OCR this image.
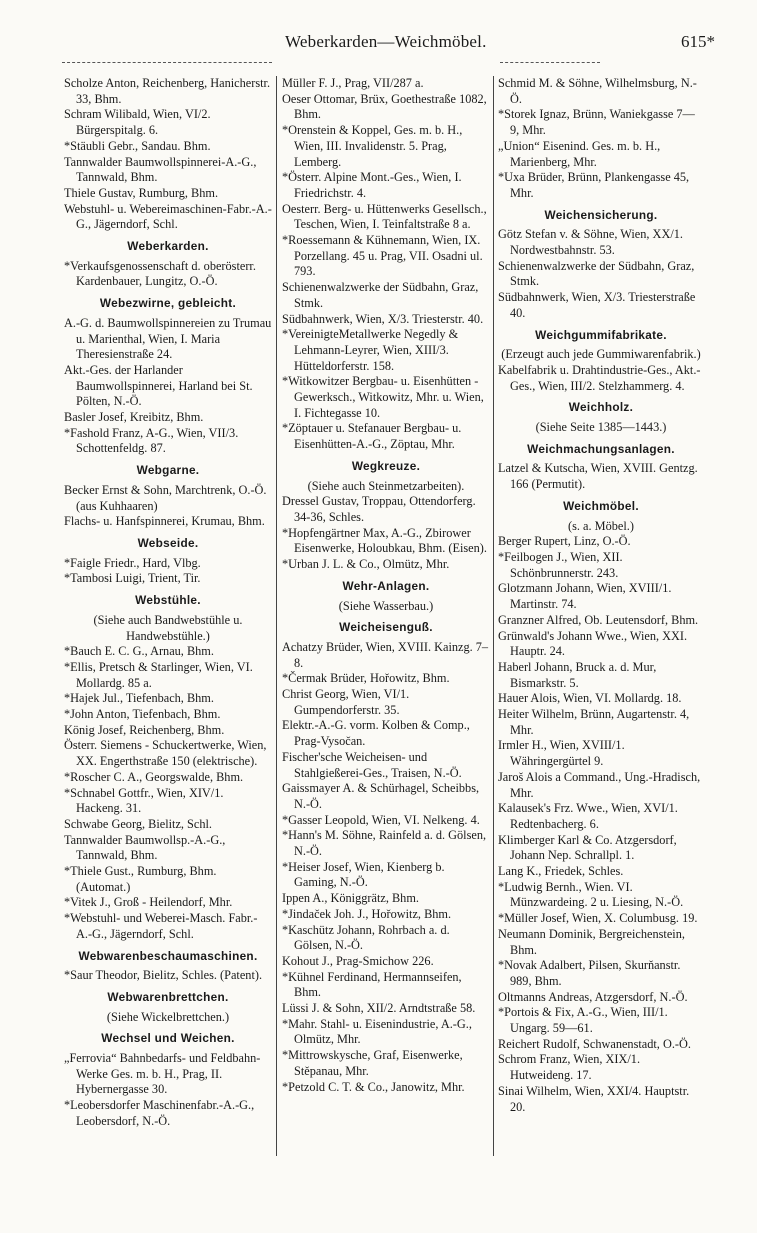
Weberkarden—Weichmöbel.	615*
Scholze Anton, Reichenberg, Hanicherstr. 33, Bhm.
Schram Wilibald, Wien, VI/2. Bürgerspitalg. 6.
*Stäubli Gebr., Sandau. Bhm.
Tannwalder Baumwollspinnerei-A.-G., Tannwald, Bhm.
Thiele Gustav, Rumburg, Bhm.
Webstuhl- u. Webereimaschinen-Fabr.-A.-G., Jägerndorf, Schl.
Weberkarden.
*Verkaufsgenossenschaft d. oberösterr. Kardenbauer, Lungitz, O.-Ö.
Webezwirne, gebleicht.
A.-G. d. Baumwollspinnereien zu Trumau u. Marienthal, Wien, I. Maria Theresienstraße 24.
Akt.-Ges. der Harlander Baumwollspinnerei, Harland bei St. Pölten, N.-Ö.
Basler Josef, Kreibitz, Bhm.
*Fashold Franz, A-G., Wien, VII/3. Schottenfeldg. 87.
Webgarne.
Becker Ernst & Sohn, Marchtrenk, O.-Ö. (aus Kuhhaaren)
Flachs- u. Hanfspinnerei, Krumau, Bhm.
Webseide.
*Faigle Friedr., Hard, Vlbg.
*Tambosi Luigi, Trient, Tir.
Webstühle.
(Siehe auch Bandwebstühle u. Handwebstühle.)
*Bauch E. C. G., Arnau, Bhm.
*Ellis, Pretsch & Starlinger, Wien, VI. Mollardg. 85 a.
*Hajek Jul., Tiefenbach, Bhm.
*John Anton, Tiefenbach, Bhm.
König Josef, Reichenberg, Bhm.
Österr. Siemens - Schuckertwerke, Wien, XX. Engerthstraße 150 (elektrische).
*Roscher C. A., Georgswalde, Bhm.
*Schnabel Gottfr., Wien, XIV/1. Hackeng. 31.
Schwabe Georg, Bielitz, Schl.
Tannwalder Baumwollsp.-A.-G., Tannwald, Bhm.
*Thiele Gust., Rumburg, Bhm. (Automat.)
*Vitek J., Groß - Heilendorf, Mhr.
*Webstuhl- und Weberei-Masch. Fabr.-A.-G., Jägerndorf, Schl.
Webwarenbeschaumaschinen.
*Saur Theodor, Bielitz, Schles. (Patent).
Webwarenbrettchen.
(Siehe Wickelbrettchen.)
Wechsel und Weichen.
„Ferrovia“ Bahnbedarfs- und Feldbahn-Werke Ges. m. b. H., Prag, II. Hybernergasse 30.
*Leobersdorfer Maschinenfabr.-A.-G., Leobersdorf, N.-Ö.
Müller F. J., Prag, VII/287 a.
Oeser Ottomar, Brüx, Goethestraße 1082, Bhm.
*Orenstein & Koppel, Ges. m. b. H., Wien, III. Invalidenstr. 5. Prag, Lemberg.
*Österr. Alpine Mont.-Ges., Wien, I. Friedrichstr. 4.
Oesterr. Berg- u. Hüttenwerks Gesellsch., Teschen, Wien, I. Teinfaltstraße 8 a.
*Roessemann & Kühnemann, Wien, IX. Porzellang. 45 u. Prag, VII. Osadni ul. 793.
Schienenwalzwerke der Südbahn, Graz, Stmk.
Südbahnwerk, Wien, X/3. Triesterstr. 40.
*VereinigteMetallwerke Negedly & Lehmann-Leyrer, Wien, XIII/3. Hütteldorferstr. 158.
*Witkowitzer Bergbau- u. Eisenhütten - Gewerksch., Witkowitz, Mhr. u. Wien, I. Fichtegasse 10.
*Zöptauer u. Stefanauer Bergbau- u. Eisenhütten-A.-G., Zöptau, Mhr.
Wegkreuze.
(Siehe auch Steinmetzarbeiten).
Dressel Gustav, Troppau, Ottendorferg. 34-36, Schles.
*Hopfengärtner Max, A.-G., Zbirower Eisenwerke, Holoubkau, Bhm. (Eisen).
*Urban J. L. & Co., Olmütz, Mhr.
Wehr-Anlagen.
(Siehe Wasserbau.)
Weicheisenguß.
Achatzy Brüder, Wien, XVIII. Kainzg. 7–8.
*Čermak Brüder, Hořowitz, Bhm.
Christ Georg, Wien, VI/1. Gumpendorferstr. 35.
Elektr.-A.-G. vorm. Kolben & Comp., Prag-Vysočan.
Fischer'sche Weicheisen- und Stahlgießerei-Ges., Traisen, N.-Ö.
Gaissmayer A. & Schürhagel, Scheibbs, N.-Ö.
*Gasser Leopold, Wien, VI. Nelkeng. 4.
*Hann's M. Söhne, Rainfeld a. d. Gölsen, N.-Ö.
*Heiser Josef, Wien, Kienberg b. Gaming, N.-Ö.
Ippen A., Königgrätz, Bhm.
*Jindaček Joh. J., Hořowitz, Bhm.
*Kaschütz Johann, Rohrbach a. d. Gölsen, N.-Ö.
Kohout J., Prag-Smichow 226.
*Kühnel Ferdinand, Hermannseifen, Bhm.
Lüssi J. & Sohn, XII/2. Arndtstraße 58.
*Mahr. Stahl- u. Eisenindustrie, A.-G., Olmütz, Mhr.
*Mittrowskysche, Graf, Eisenwerke, Stěpanau, Mhr.
*Petzold C. T. & Co., Janowitz, Mhr.
Schmid M. & Söhne, Wilhelmsburg, N.-Ö.
*Storek Ignaz, Brünn, Waniekgasse 7—9, Mhr.
„Union“ Eisenind. Ges. m. b. H., Marienberg, Mhr.
*Uxa Brüder, Brünn, Plankengasse 45, Mhr.
Weichensicherung.
Götz Stefan v. & Söhne, Wien, XX/1. Nordwestbahnstr. 53.
Schienenwalzwerke der Südbahn, Graz, Stmk.
Südbahnwerk, Wien, X/3. Triesterstraße 40.
Weichgummifabrikate.
(Erzeugt auch jede Gummiwarenfabrik.)
Kabelfabrik u. Drahtindustrie-Ges., Akt.-Ges., Wien, III/2. Stelzhammerg. 4.
Weichholz.
(Siehe Seite 1385—1443.)
Weichmachungsanlagen.
Latzel & Kutscha, Wien, XVIII. Gentzg. 166 (Permutit).
Weichmöbel.
(s. a. Möbel.)
Berger Rupert, Linz, O.-Ö.
*Feilbogen J., Wien, XII. Schönbrunnerstr. 243.
Glotzmann Johann, Wien, XVIII/1. Martinstr. 74.
Granzner Alfred, Ob. Leutensdorf, Bhm.
Grünwald's Johann Wwe., Wien, XXI. Hauptr. 24.
Haberl Johann, Bruck a. d. Mur, Bismarkstr. 5.
Hauer Alois, Wien, VI. Mollardg. 18.
Heiter Wilhelm, Brünn, Augartenstr. 4, Mhr.
Irmler H., Wien, XVIII/1. Währingergürtel 9.
Jaroš Alois a Command., Ung.-Hradisch, Mhr.
Kalausek's Frz. Wwe., Wien, XVI/1. Redtenbacherg. 6.
Klimberger Karl & Co. Atzgersdorf, Johann Nep. Schrallpl. 1.
Lang K., Friedek, Schles.
*Ludwig Bernh., Wien. VI. Münzwardeing. 2 u. Liesing, N.-Ö.
*Müller Josef, Wien, X. Columbusg. 19.
Neumann Dominik, Bergreichenstein, Bhm.
*Novak Adalbert, Pilsen, Skurňanstr. 989, Bhm.
Oltmanns Andreas, Atzgersdorf, N.-Ö.
*Portois & Fix, A.-G., Wien, III/1. Ungarg. 59—61.
Reichert Rudolf, Schwanenstadt, O.-Ö.
Schrom Franz, Wien, XIX/1. Hutweideng. 17.
Sinai Wilhelm, Wien, XXI/4. Hauptstr. 20.
